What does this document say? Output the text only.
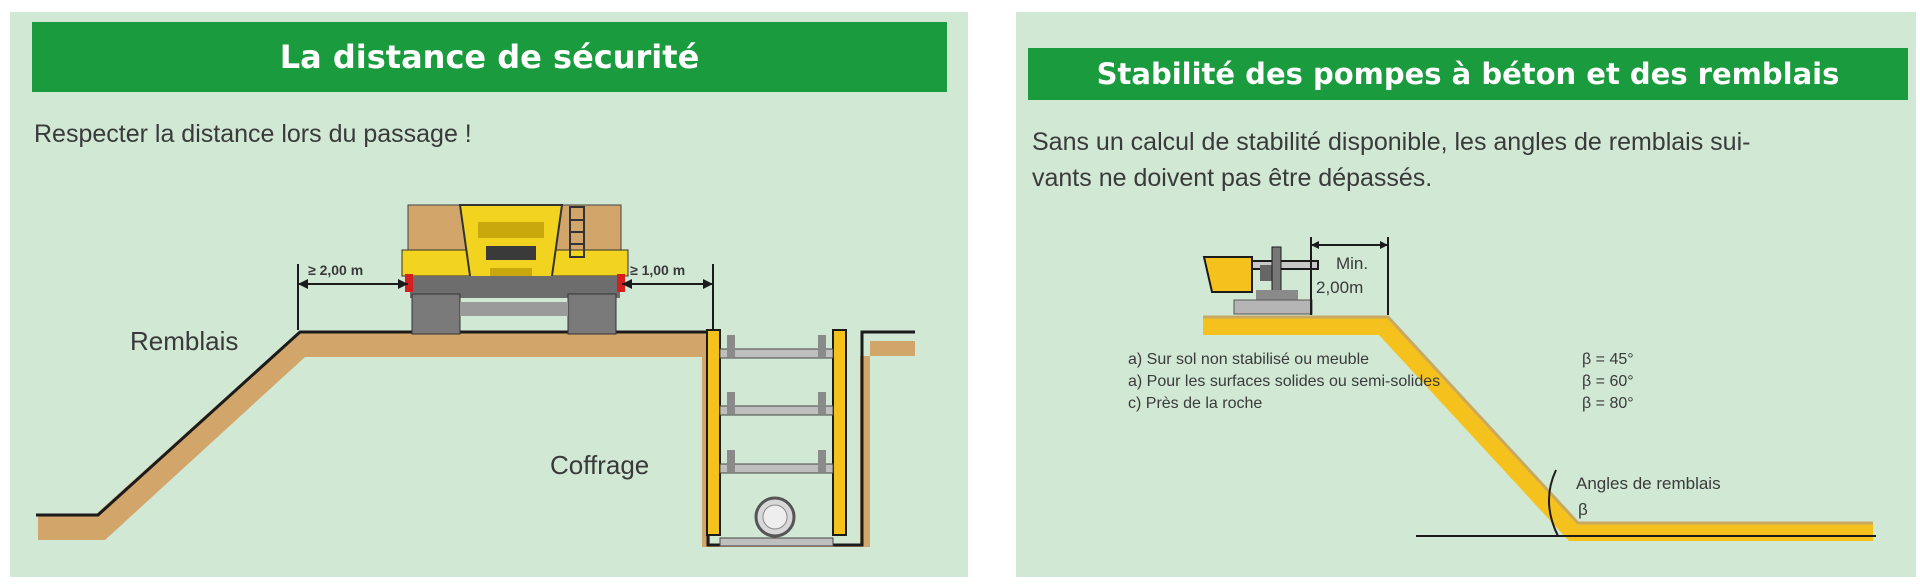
La distance de sécurité
Respecter la distance lors du passage !
≥ 2,00 m	≥ 1,00 m
Remblais
Coffrage
Stabilité des pompes à béton et des remblais
Sans un calcul de stabilité disponible, les angles de remblais sui-
vants ne doivent pas être dépassés.
Min.
2,00m
a) Sur sol non stabilisé ou meuble	β = 45°
a) Pour les surfaces solides ou semi-solides	β = 60°
c) Près de la roche	β = 80°
Angles de remblais
β
